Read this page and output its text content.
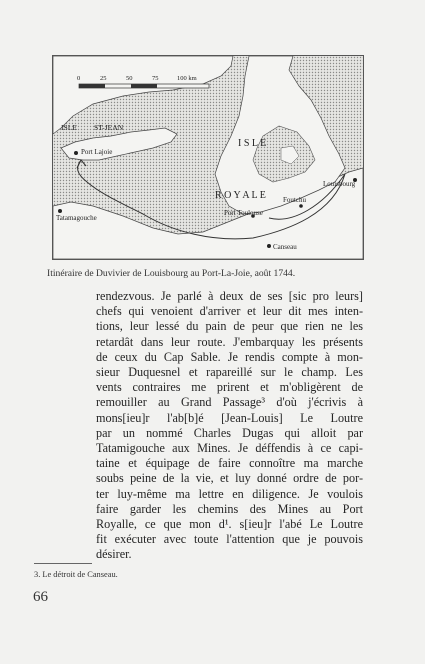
0	25	50	75	100 km
ISLE ST-JEAN
Port Lajoie
Tatamagouche
I S L E
R O Y A L E
Louisbourg
Foutchu
Port Toulouse
Canseau
Itinéraire de Duvivier de Louisbourg au Port-La-Joie, août 1744.
rendezvous. Je parlé à deux de ses [sic pro leurs]
chefs qui venoient d'arriver et leur dit mes inten-
tions, leur lessé du pain de peur que rien ne les
retardât dans leur route. J'embarquay les présents
de ceux du Cap Sable. Je rendis compte à mon-
sieur Duquesnel et rapareillé sur le champ. Les
vents contraires me prirent et m'obligèrent de
remouiller au Grand Passage³ d'où j'écrivis à
mons[ieu]r l'ab[b]é [Jean-Louis] Le Loutre
par un nommé Charles Dugas qui alloit par
Tatamigouche aux Mines. Je déffendis à ce capi-
taine et équipage de faire connoître ma marche
soubs peine de la vie, et luy donné ordre de por-
ter luy-même ma lettre en diligence. Je voulois
faire garder les chemins des Mines au Port
Royalle, ce que mon d¹. s[ieu]r l'abé Le Loutre
fit exécuter avec toute l'attention que je pouvois
désirer.
3. Le détroit de Canseau.
66
